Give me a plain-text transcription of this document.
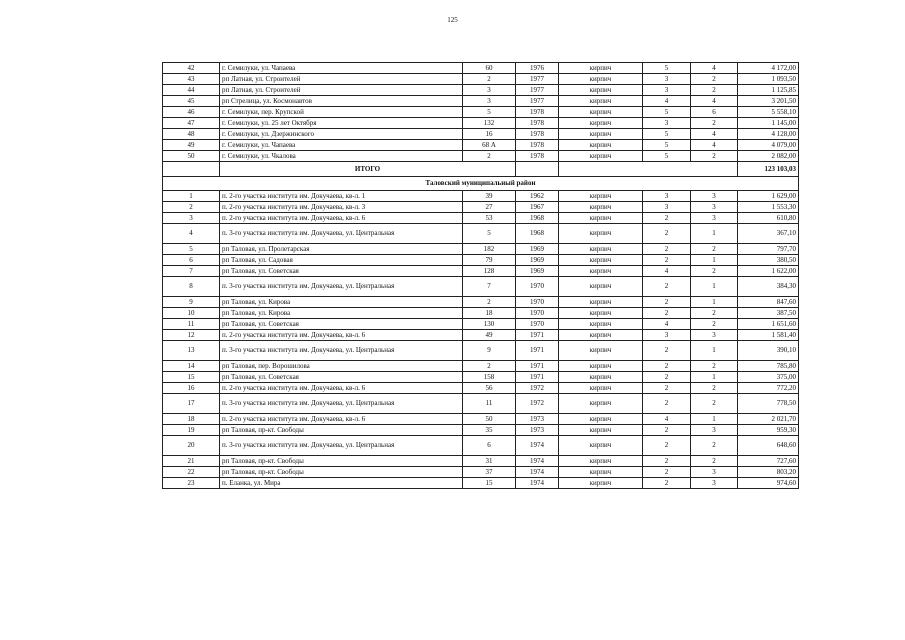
125
42	г. Семилуки, ул. Чапаева	60	1976	кирпич	5	4	4 172,00
43	рп Латная, ул. Строителей	2	1977	кирпич	3	2	1 093,50
44	рп Латная, ул. Строителей	3	1977	кирпич	3	2	1 125,85
45	рп Стрелица, ул. Космонавтов	3	1977	кирпич	4	4	3 201,50
46	г. Семилуки, пер. Крупской	5	1978	кирпич	5	6	5 558,10
47	г. Семилуки, ул. 25 лет Октября	132	1978	кирпич	3	2	1 145,00
48	г. Семилуки, ул. Дзержинского	16	1978	кирпич	5	4	4 128,00
49	г. Семилуки, ул. Чапаева	68 А	1978	кирпич	5	4	4 079,00
50	г. Семилуки, ул. Чкалова	2	1978	кирпич	5	2	2 082,00
	ИТОГО						123 103,03
Таловский муниципальный район							
1	п. 2-го участка института им. Докучаева, кв-л. 1	39	1962	кирпич	3	3	1 629,00
2	п. 2-го участка института им. Докучаева, кв-л. 3	27	1967	кирпич	3	3	1 553,30
3	п. 2-го участка института им. Докучаева, кв-л. 6	53	1968	кирпич	2	3	610,80
4	п. 3-го участка института им. Докучаева, ул. Центральная	5	1968	кирпич	2	1	367,10
5	рп Таловая, ул. Пролетарская	182	1969	кирпич	2	2	797,70
6	рп Таловая, ул. Садовая	79	1969	кирпич	2	1	380,50
7	рп Таловая, ул. Советская	128	1969	кирпич	4	2	1 622,00
8	п. 3-го участка института им. Докучаева, ул. Центральная	7	1970	кирпич	2	1	384,30
9	рп Таловая, ул. Кирова	2	1970	кирпич	2	1	847,60
10	рп Таловая, ул. Кирова	18	1970	кирпич	2	2	387,50
11	рп Таловая, ул. Советская	130	1970	кирпич	4	2	1 651,60
12	п. 2-го участка института им. Докучаева, кв-л. 6	49	1971	кирпич	3	3	1 581,40
13	п. 3-го участка института им. Докучаева, ул. Центральная	9	1971	кирпич	2	1	390,10
14	рп Таловая, пер. Ворошилова	2	1971	кирпич	2	2	785,80
15	рп Таловая, ул. Советская	158	1971	кирпич	2	1	375,00
16	п. 2-го участка института им. Докучаева, кв-л. 6	56	1972	кирпич	2	2	772,20
17	п. 3-го участка института им. Докучаева, ул. Центральная	11	1972	кирпич	2	2	778,50
18	п. 2-го участка института им. Докучаева, кв-л. 6	50	1973	кирпич	4	1	2 021,70
19	рп Таловая, пр-кт. Свободы	35	1973	кирпич	2	3	959,30
20	п. 3-го участка института им. Докучаева, ул. Центральная	6	1974	кирпич	2	2	648,60
21	рп Таловая, пр-кт. Свободы	31	1974	кирпич	2	2	727,60
22	рп Таловая, пр-кт. Свободы	37	1974	кирпич	2	3	803,20
23	п. Еланка, ул. Мира	15	1974	кирпич	2	3	974,60
